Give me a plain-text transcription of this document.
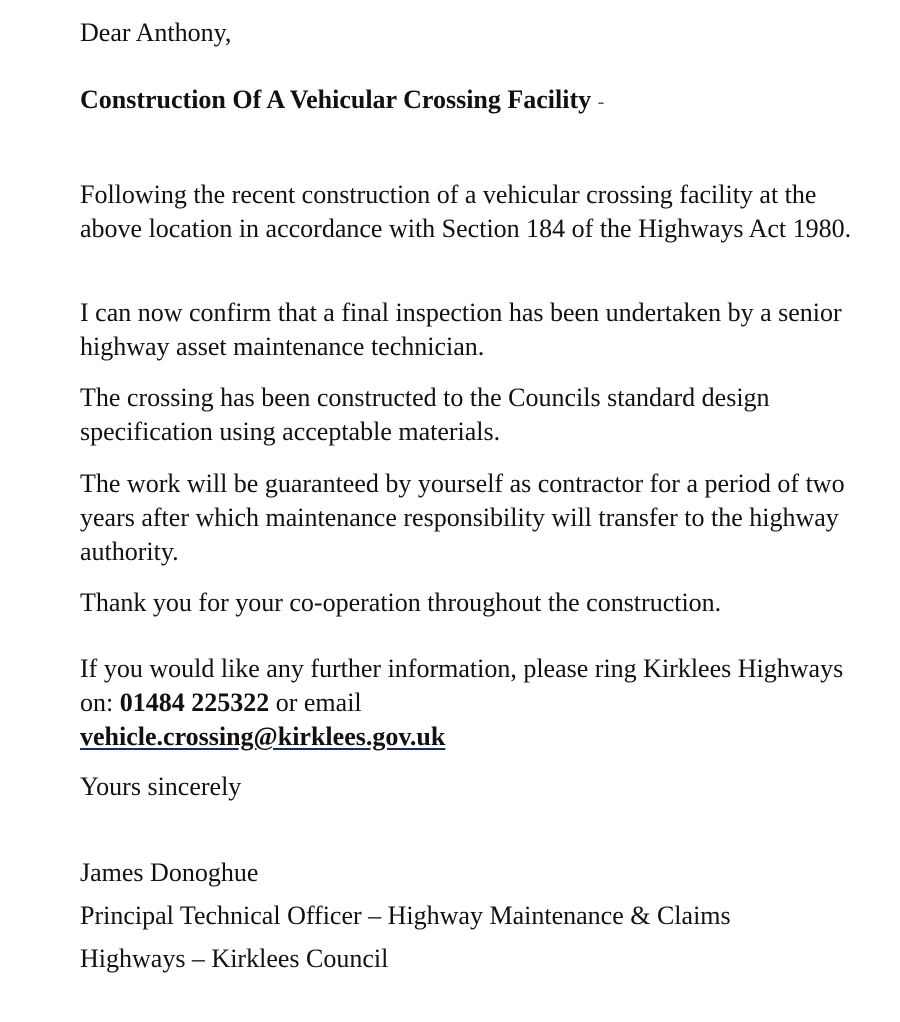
Dear Anthony,
Construction Of A Vehicular Crossing Facility -

Following the recent construction of a vehicular crossing facility at the above location in accordance with Section 184 of the Highways Act 1980.

I can now confirm that a final inspection has been undertaken by a senior highway asset maintenance technician.

The crossing has been constructed to the Councils standard design specification using acceptable materials.

The work will be guaranteed by yourself as contractor for a period of two years after which maintenance responsibility will transfer to the highway authority.

Thank you for your co-operation throughout the construction.

If you would like any further information, please ring Kirklees Highways on: 01484 225322 or email
vehicle.crossing@kirklees.gov.uk

Yours sincerely
James Donoghue
Principal Technical Officer – Highway Maintenance & Claims
Highways – Kirklees Council
